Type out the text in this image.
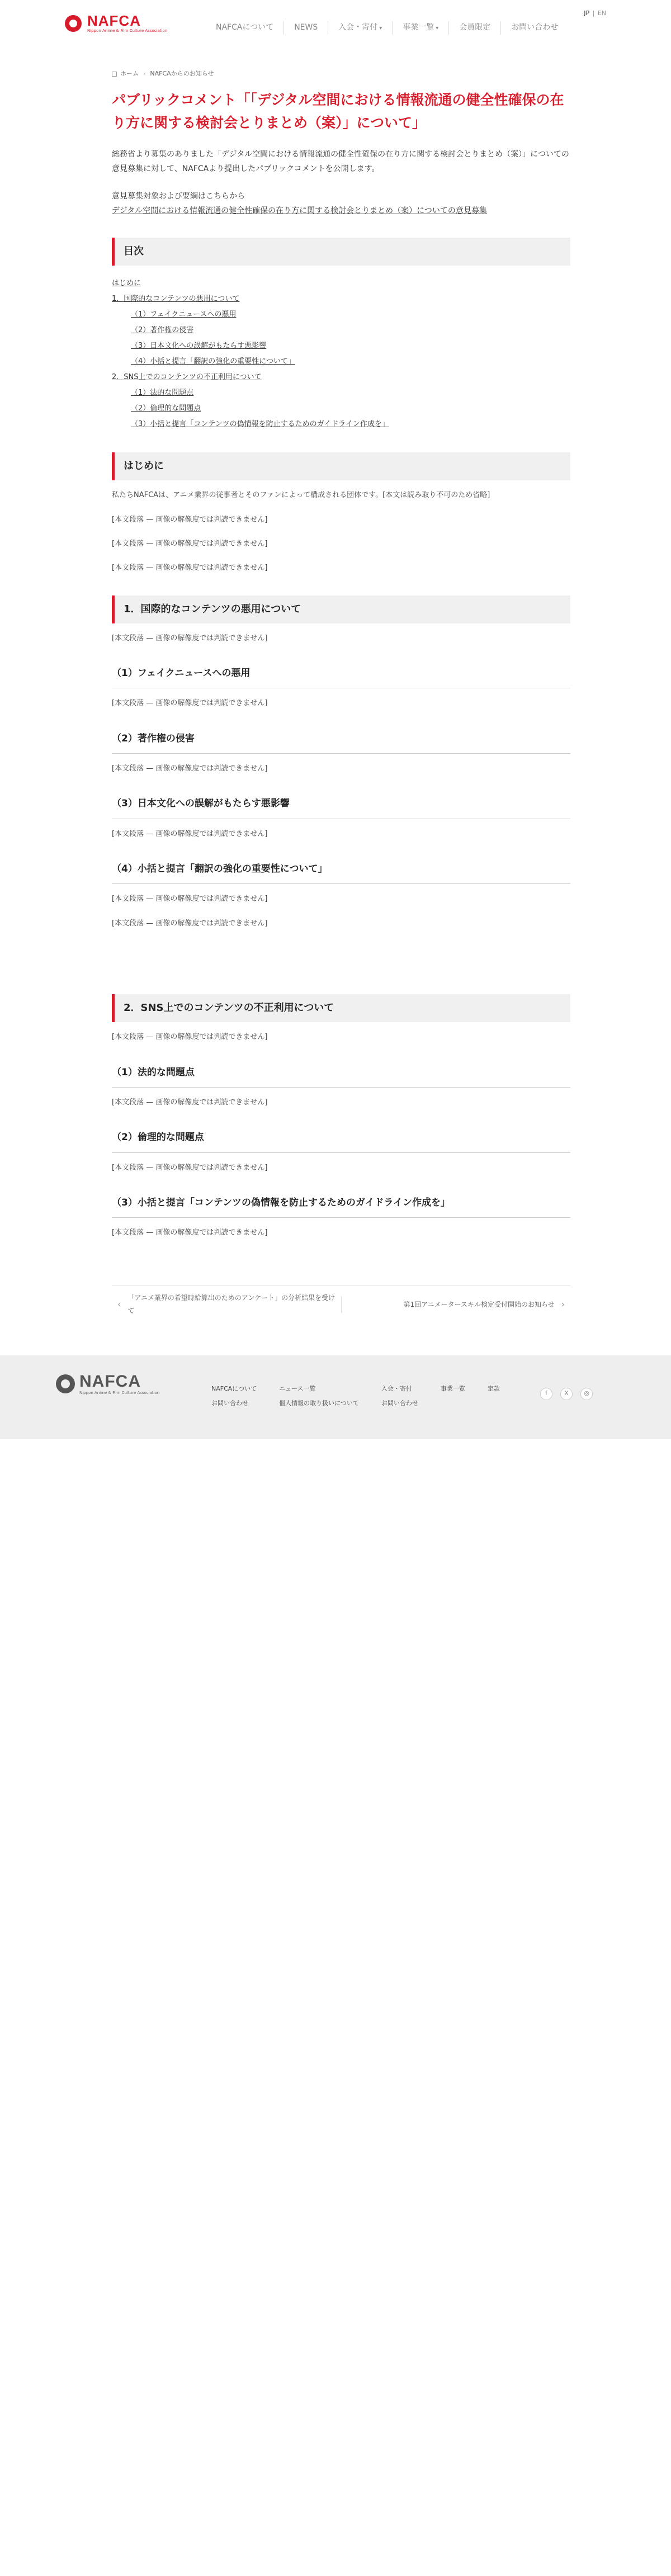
NAFCA
Nippon Anime & Film Culture Association
JP | EN
NAFCAについて	NEWS	入会・寄付 ▾	事業一覧 ▾	会員限定	お問い合わせ
ホーム › NAFCAからのお知らせ
パブリックコメント「「デジタル空間における情報流通の健全性確保の在り方に関する検討会とりまとめ（案）」について」

総務省より募集のありました「デジタル空間における情報流通の健全性確保の在り方に関する検討会とりまとめ（案）」についての意見募集に対して、NAFCAより提出したパブリックコメントを公開します。

意見募集対象および要綱はこちらから
デジタル空間における情報流通の健全性確保の在り方に関する検討会とりまとめ（案）についての意見募集

目次
はじめに
1．国際的なコンテンツの悪用について
（1）フェイクニュースへの悪用
（2）著作権の侵害
（3）日本文化への誤解がもたらす悪影響
（4）小括と提言「翻訳の強化の重要性について」
2．SNS上でのコンテンツの不正利用について
（1）法的な問題点
（2）倫理的な問題点
（3）小括と提言「コンテンツの偽情報を防止するためのガイドライン作成を」
はじめに

私たちNAFCAは、アニメ業界の従事者とそのファンによって構成される団体です。[本文は読み取り不可のため省略]

[本文段落 — 画像の解像度では判読できません]

[本文段落 — 画像の解像度では判読できません]

[本文段落 — 画像の解像度では判読できません]

1．国際的なコンテンツの悪用について

[本文段落 — 画像の解像度では判読できません]

（1）フェイクニュースへの悪用

[本文段落 — 画像の解像度では判読できません]

（2）著作権の侵害

[本文段落 — 画像の解像度では判読できません]

（3）日本文化への誤解がもたらす悪影響

[本文段落 — 画像の解像度では判読できません]

（4）小括と提言「翻訳の強化の重要性について」

[本文段落 — 画像の解像度では判読できません]

[本文段落 — 画像の解像度では判読できません]

2．SNS上でのコンテンツの不正利用について

[本文段落 — 画像の解像度では判読できません]

（1）法的な問題点

[本文段落 — 画像の解像度では判読できません]

（2）倫理的な問題点

[本文段落 — 画像の解像度では判読できません]

（3）小括と提言「コンテンツの偽情報を防止するためのガイドライン作成を」

[本文段落 — 画像の解像度では判読できません]

‹
「アニメ業界の希望時給算出のためのアンケート」の分析結果を受けて
第1回アニメータースキル検定受付開始のお知らせ ›
NAFCA
Nippon Anime & Film Culture Association
NAFCAについて	ニュース一覧	入会・寄付	事業一覧	定款
お問い合わせ	個人情報の取り扱いについて	お問い合わせ
f	X	◎
